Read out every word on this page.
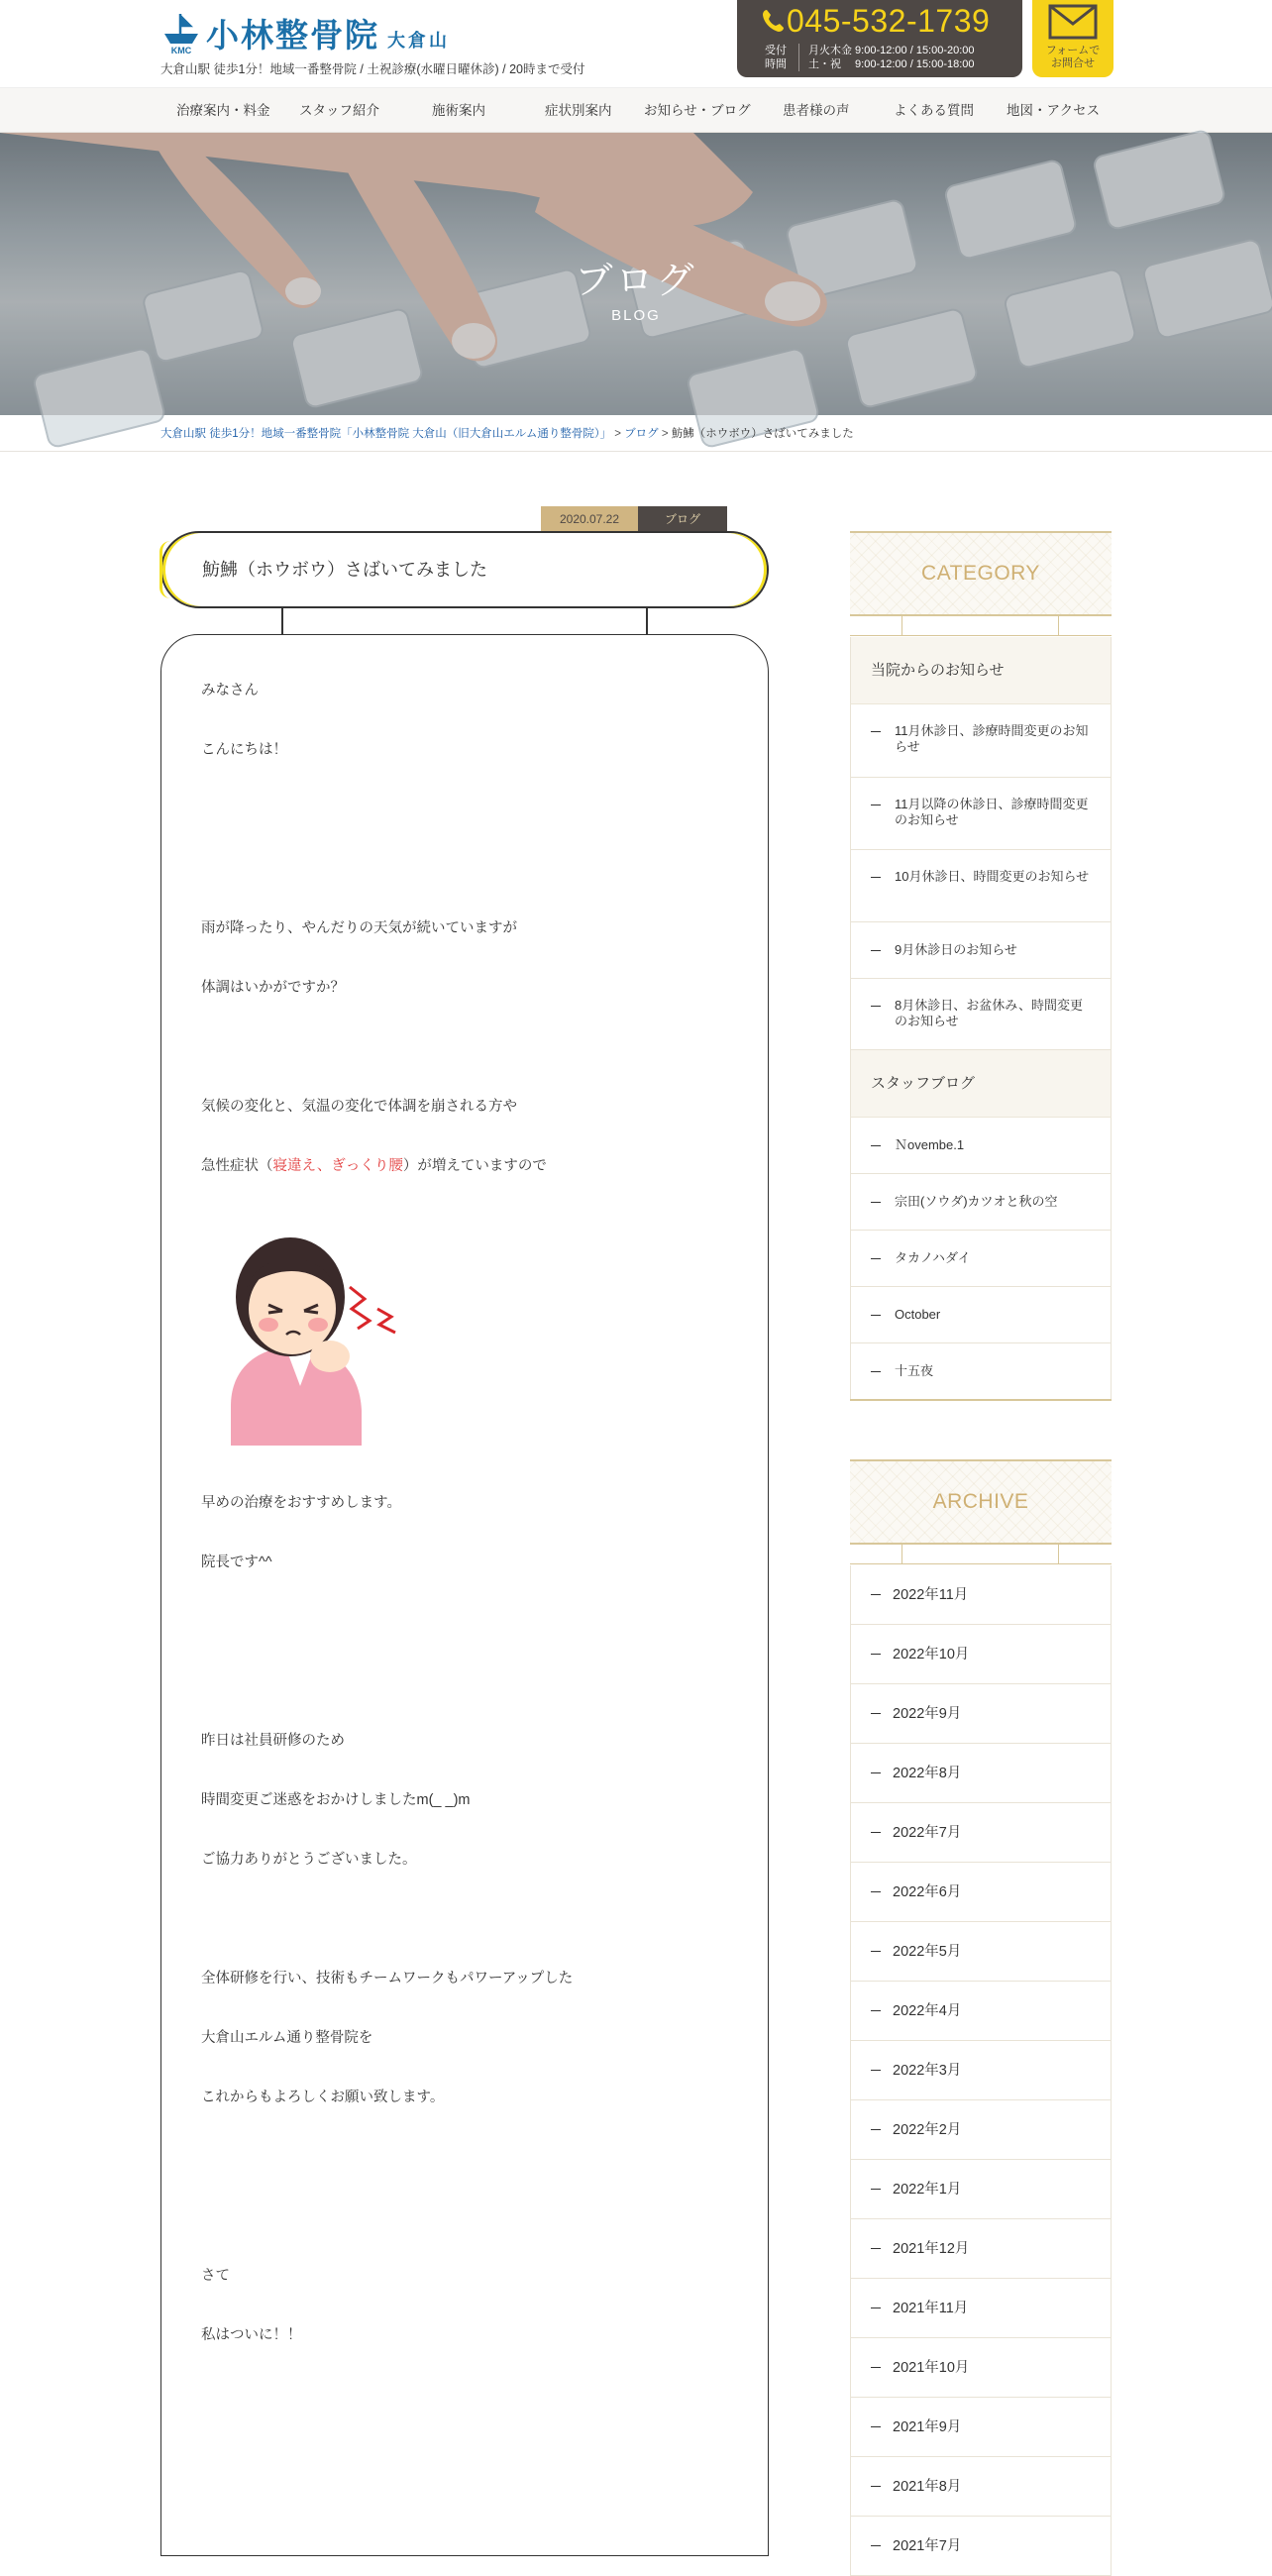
KMC 小林整骨院 大倉山
大倉山駅 徒歩1分！地域一番整骨院 / 土祝診療(水曜日曜休診) / 20時まで受付
045-532-1739
受付
時間
月火木金 9:00-12:00 / 15:00-20:00
土・祝　 9:00-12:00 / 15:00-18:00
フォームで
お問合せ
治療案内・料金 スタッフ紹介	施術案内	症状別案内 お知らせ・ブログ 患者様の声	よくある質問 地図・アクセス
ブログ
BLOG
大倉山駅 徒歩1分！地域一番整骨院「小林整骨院 大倉山（旧大倉山エルム通り整骨院）」 > ブログ > 魴鮄（ホウボウ）さばいてみました
2020.07.22	ブログ
魴鮄（ホウボウ）さばいてみました
みなさん
こんにちは！
雨が降ったり、やんだりの天気が続いていますが
体調はいかがですか？
気候の変化と、気温の変化で体調を崩される方や
急性症状（寝違え、ぎっくり腰）が増えていますので
早めの治療をおすすめします。
院長です^^
昨日は社員研修のため
時間変更ご迷惑をおかけしましたm(_ _)m
ご協力ありがとうございました。
全体研修を行い、技術もチームワークもパワーアップした
大倉山エルム通り整骨院を
これからもよろしくお願い致します。
さて
私はついに！！
CATEGORY
当院からのお知らせ
11月休診日、診療時間変更のお知らせ
11月以降の休診日、診療時間変更のお知らせ
10月休診日、時間変更のお知らせ
9月休診日のお知らせ
8月休診日、お盆休み、時間変更のお知らせ
スタッフブログ
Ｎovembe.1
宗田(ソウダ)カツオと秋の空
タカノハダイ
October
十五夜
ARCHIVE
2022年11月
2022年10月
2022年9月
2022年8月
2022年7月
2022年6月
2022年5月
2022年4月
2022年3月
2022年2月
2022年1月
2021年12月
2021年11月
2021年10月
2021年9月
2021年8月
2021年7月
